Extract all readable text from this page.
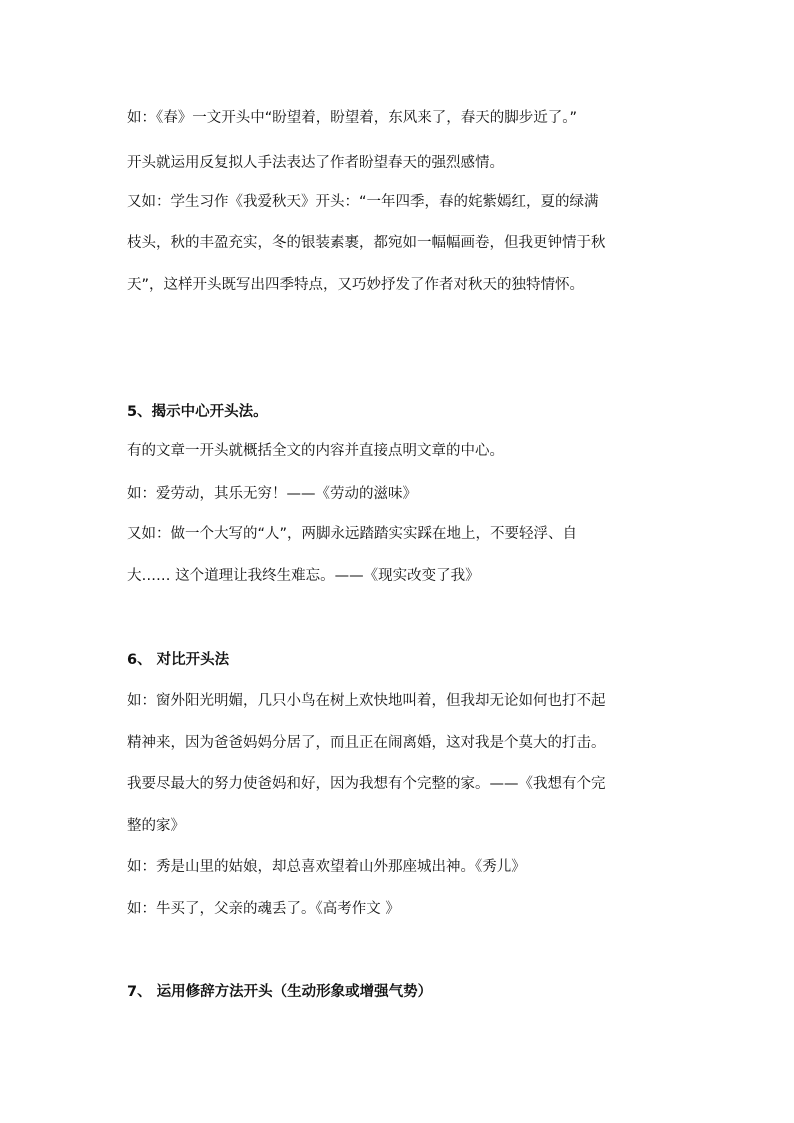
如：《春》一文开头中“盼望着，盼望着，东风来了，春天的脚步近了。”

开头就运用反复拟人手法表达了作者盼望春天的强烈感情。

又如：学生习作《我爱秋天》开头：“一年四季，春的姹紫嫣红，夏的绿满

枝头，秋的丰盈充实，冬的银装素裹，都宛如一幅幅画卷，但我更钟情于秋

天”，这样开头既写出四季特点，又巧妙抒发了作者对秋天的独特情怀。

5、揭示中心开头法。

有的文章一开头就概括全文的内容并直接点明文章的中心。

如：爱劳动，其乐无穷！——《劳动的滋味》

又如：做一个大写的“人”，两脚永远踏踏实实踩在地上，不要轻浮、自

大…… 这个道理让我终生难忘。——《现实改变了我》

6、 对比开头法

如：窗外阳光明媚，几只小鸟在树上欢快地叫着，但我却无论如何也打不起

精神来，因为爸爸妈妈分居了，而且正在闹离婚，这对我是个莫大的打击。

我要尽最大的努力使爸妈和好，因为我想有个完整的家。——《我想有个完

整的家》

如：秀是山里的姑娘，却总喜欢望着山外那座城出神。《秀儿》

如：牛买了，父亲的魂丢了。《高考作文 》

7、 运用修辞方法开头（生动形象或增强气势）
